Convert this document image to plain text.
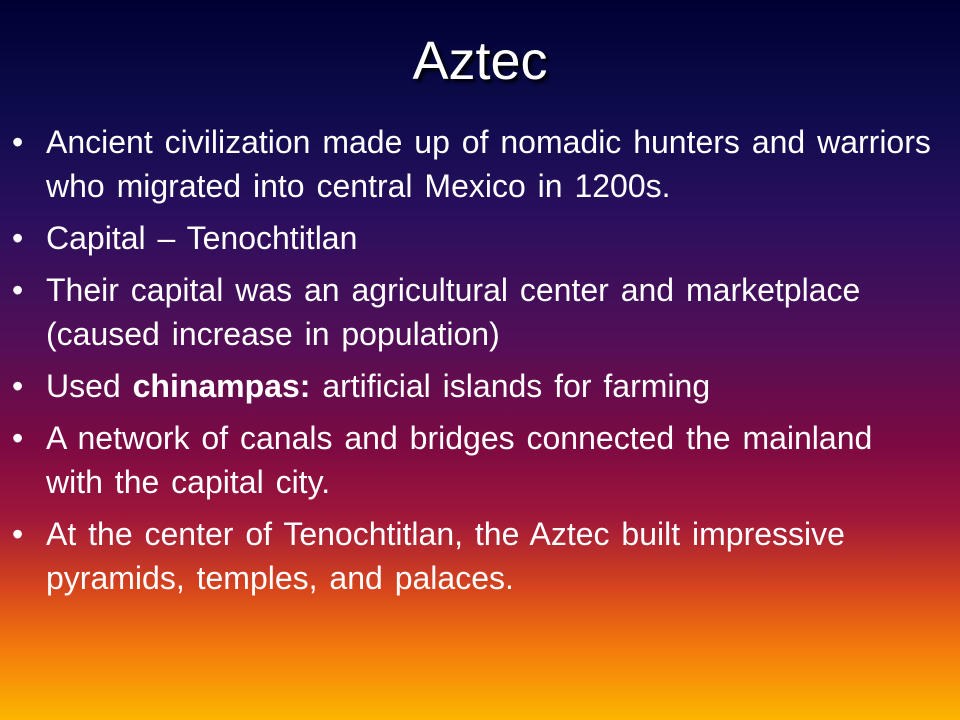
Aztec
• Ancient civilization made up of nomadic hunters and warriors who migrated into central Mexico in 1200s.
• Capital – Tenochtitlan
• Their capital was an agricultural center and marketplace (caused increase in population)
• Used chinampas: artificial islands for farming
• A network of canals and bridges connected the mainland with the capital city.
• At the center of Tenochtitlan, the Aztec built impressive pyramids, temples, and palaces.
